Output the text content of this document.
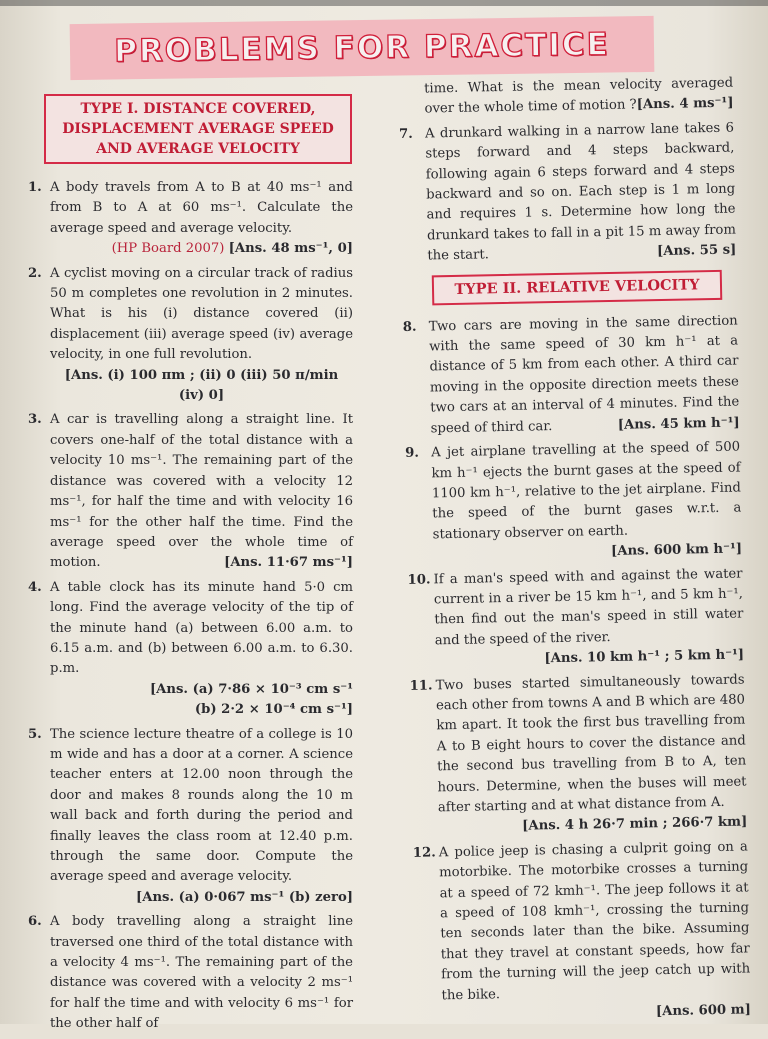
PROBLEMS FOR PRACTICE
TYPE I. DISTANCE COVERED, DISPLACEMENT AVERAGE SPEED AND AVERAGE VELOCITY
1. A body travels from A to B at 40 ms⁻¹ and from B to A at 60 ms⁻¹. Calculate the average speed and average velocity.
(HP Board 2007) [Ans. 48 ms⁻¹, 0]
2. A cyclist moving on a circular track of radius 50 m completes one revolution in 2 minutes. What is his (i) distance covered (ii) displacement (iii) average speed (iv) average velocity, in one full revolution.
[Ans. (i) 100 πm ; (ii) 0 (iii) 50 π/min (iv) 0]
3. A car is travelling along a straight line. It covers one-half of the total distance with a velocity 10 ms⁻¹. The remaining part of the distance was covered with a velocity 12 ms⁻¹, for half the time and with velocity 16 ms⁻¹ for the other half the time. Find the average speed over the whole time of motion.	[Ans. 11·67 ms⁻¹]
4. A table clock has its minute hand 5·0 cm long. Find the average velocity of the tip of the minute hand (a) between 6.00 a.m. to 6.15 a.m. and (b) between 6.00 a.m. to 6.30. p.m.
[Ans. (a) 7·86 × 10⁻³ cm s⁻¹
(b) 2·2 × 10⁻⁴ cm s⁻¹]
5. The science lecture theatre of a college is 10 m wide and has a door at a corner. A science teacher enters at 12.00 noon through the door and makes 8 rounds along the 10 m wall back and forth during the period and finally leaves the class room at 12.40 p.m. through the same door. Compute the average speed and average velocity.
[Ans. (a) 0·067 ms⁻¹ (b) zero]
6. A body travelling along a straight line traversed one third of the total distance with a velocity 4 ms⁻¹. The remaining part of the distance was covered with a velocity 2 ms⁻¹ for half the time and with velocity 6 ms⁻¹ for the other half of
time. What is the mean velocity averaged over the whole time of motion ? [Ans. 4 ms⁻¹]
7. A drunkard walking in a narrow lane takes 6 steps forward and 4 steps backward, following again 6 steps forward and 4 steps backward and so on. Each step is 1 m long and requires 1 s. Determine how long the drunkard takes to fall in a pit 15 m away from the start.	[Ans. 55 s]
TYPE II. RELATIVE VELOCITY
8. Two cars are moving in the same direction with the same speed of 30 km h⁻¹ at a distance of 5 km from each other. A third car moving in the opposite direction meets these two cars at an interval of 4 minutes. Find the speed of third car.	[Ans. 45 km h⁻¹]
9. A jet airplane travelling at the speed of 500 km h⁻¹ ejects the burnt gases at the speed of 1100 km h⁻¹, relative to the jet airplane. Find the speed of the burnt gases w.r.t. a stationary observer on earth.
[Ans. 600 km h⁻¹]
10. If a man's speed with and against the water current in a river be 15 km h⁻¹, and 5 km h⁻¹, then find out the man's speed in still water and the speed of the river.
[Ans. 10 km h⁻¹ ; 5 km h⁻¹]
11. Two buses started simultaneously towards each other from towns A and B which are 480 km apart. It took the first bus travelling from A to B eight hours to cover the distance and the second bus travelling from B to A, ten hours. Determine, when the buses will meet after starting and at what distance from A.
[Ans. 4 h 26·7 min ; 266·7 km]
12. A police jeep is chasing a culprit going on a motorbike. The motorbike crosses a turning at a speed of 72 kmh⁻¹. The jeep follows it at a speed of 108 kmh⁻¹, crossing the turning ten seconds later than the bike. Assuming that they travel at constant speeds, how far from the turning will the jeep catch up with the bike.
[Ans. 600 m]
